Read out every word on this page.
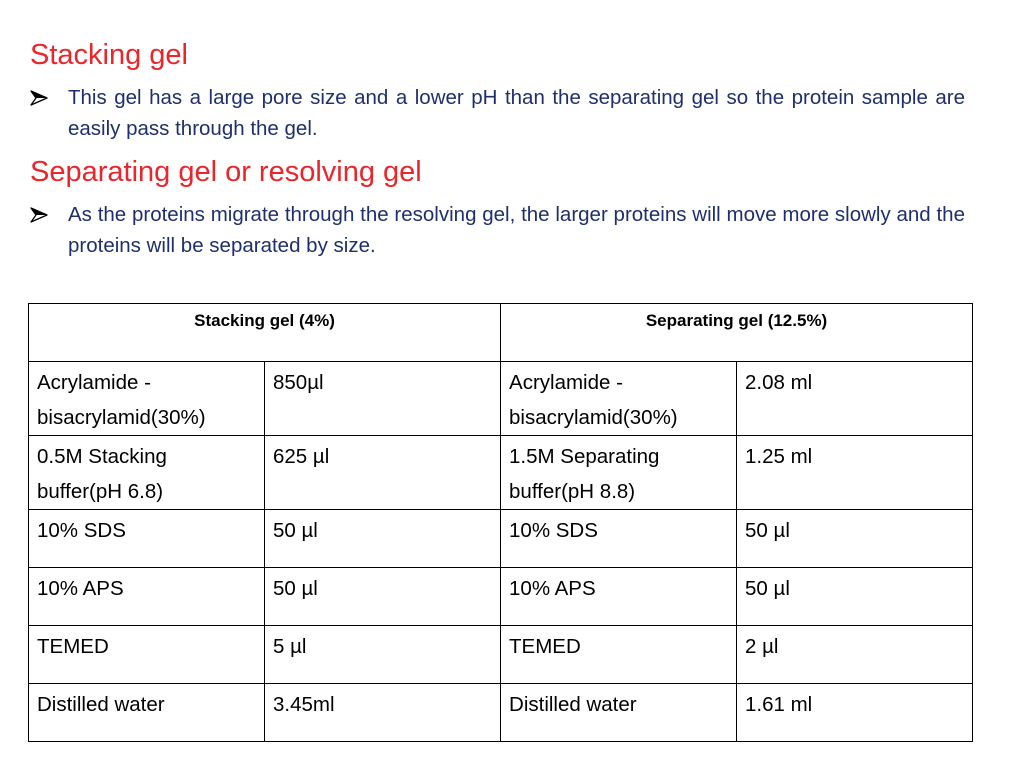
Stacking gel
This gel has a large pore size and a lower pH than the separating gel so the protein sample are easily pass through the gel.
Separating gel or resolving gel
As the proteins migrate through the resolving gel, the larger proteins will move more slowly and the proteins will be separated by size.
Stacking gel (4%)		Separating gel (12.5%)	
Acrylamide - bisacrylamid(30%)	850µl	Acrylamide - bisacrylamid(30%)	2.08 ml
0.5M Stacking buffer(pH 6.8)	625 µl	1.5M Separating buffer(pH 8.8)	1.25 ml
10% SDS	50 µl	10% SDS	50 µl
10% APS	50 µl	10% APS	50 µl
TEMED	5 µl	TEMED	2 µl
Distilled water	3.45ml	Distilled water	1.61 ml
